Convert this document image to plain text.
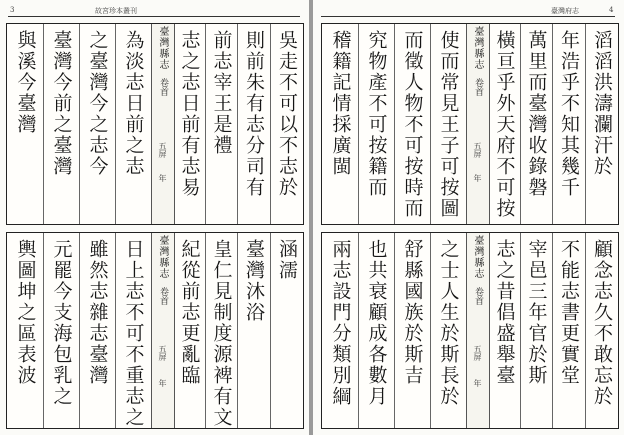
3	故宮珍本叢刊
與溪今臺灣 臺灣今前之臺灣 之臺灣今之志今 為淡志日前之志 臺灣縣志
卷首
五屏
年 志之志日前有志易 前志宰王是禮 則前朱有志分司有 吳走不可以不志於
輿圖坤之區表波 元罷今支海包乳之 雖然志雜志臺灣 日上志不可不重志之 臺灣縣志
卷首
五屏
年 紀從前志更亂臨 皇仁見制度源裨有文 臺灣沐浴 涵濡
臺灣府志	4
稽籍記情採廣閩 究物產不可按籍而 而徵人物不可按時而 使而常見王子可按圖 臺灣縣志
卷首
五屏
年 橫亘乎外天府不可按 萬里而臺灣收錄磐 年浩乎不知其幾千 滔滔洪濤瀾汗於
兩志設門分類別綱 也共衰顧成各數月 舒縣國族於斯吉 之士人生於斯長於 臺灣縣志
卷首
五屏
年 志之昔倡盛舉臺 宰邑三年官於斯 不能志書更實堂 顧念志久不敢忘於
